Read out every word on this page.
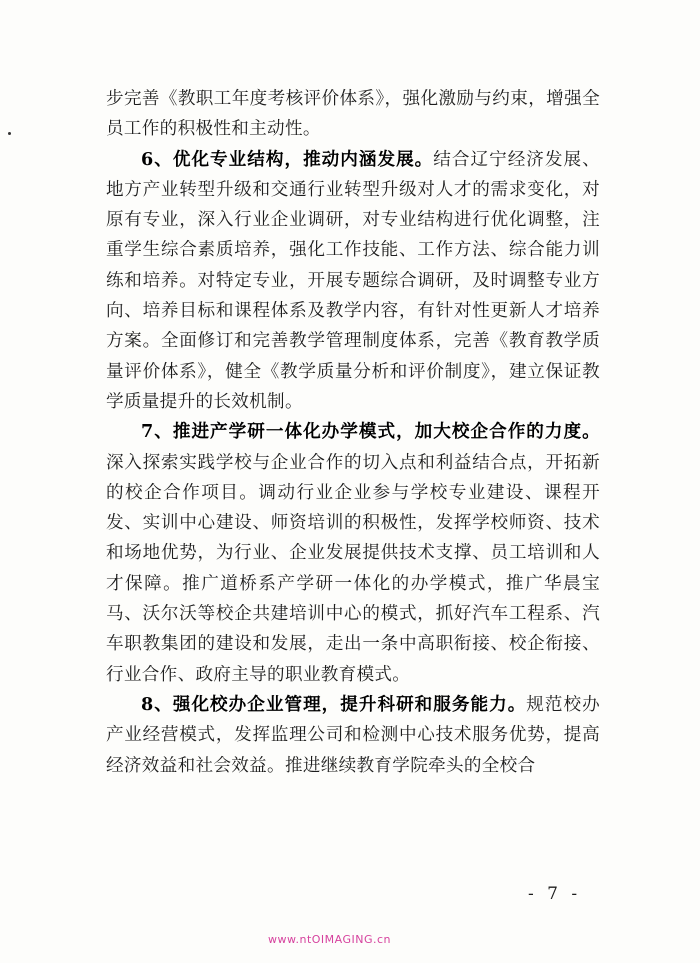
步完善《教职工年度考核评价体系》，强化激励与约束，增强全员工作的积极性和主动性。

6、优化专业结构，推动内涵发展。结合辽宁经济发展、地方产业转型升级和交通行业转型升级对人才的需求变化，对原有专业，深入行业企业调研，对专业结构进行优化调整，注重学生综合素质培养，强化工作技能、工作方法、综合能力训练和培养。对特定专业，开展专题综合调研，及时调整专业方向、培养目标和课程体系及教学内容，有针对性更新人才培养方案。全面修订和完善教学管理制度体系，完善《教育教学质量评价体系》，健全《教学质量分析和评价制度》，建立保证教学质量提升的长效机制。

7、推进产学研一体化办学模式，加大校企合作的力度。深入探索实践学校与企业合作的切入点和利益结合点，开拓新的校企合作项目。调动行业企业参与学校专业建设、课程开发、实训中心建设、师资培训的积极性，发挥学校师资、技术和场地优势，为行业、企业发展提供技术支撑、员工培训和人才保障。推广道桥系产学研一体化的办学模式，推广华晨宝马、沃尔沃等校企共建培训中心的模式，抓好汽车工程系、汽车职教集团的建设和发展，走出一条中高职衔接、校企衔接、行业合作、政府主导的职业教育模式。

8、强化校办企业管理，提升科研和服务能力。规范校办产业经营模式，发挥监理公司和检测中心技术服务优势，提高经济效益和社会效益。推进继续教育学院牵头的全校合

- 7 -
www.ntOIMAGING.cn
